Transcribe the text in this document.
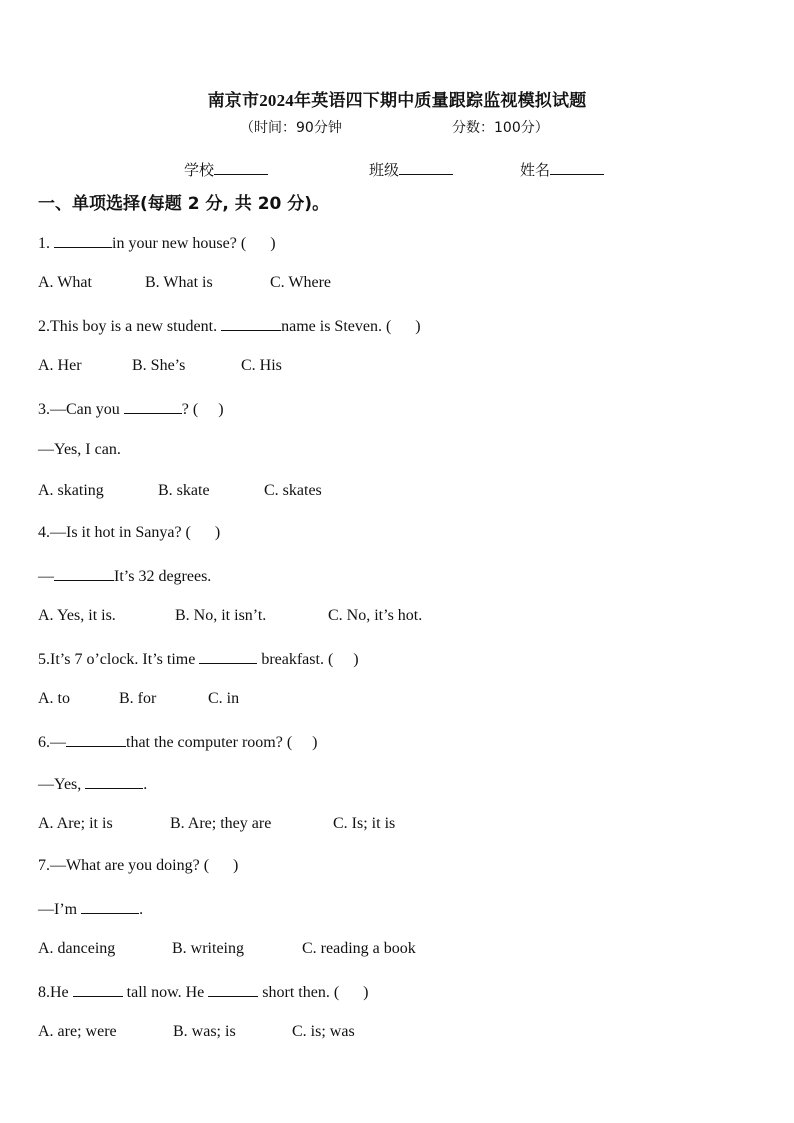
南京市2024年英语四下期中质量跟踪监视模拟试题
（时间：90分钟	分数：100分）
学校	班级	姓名
一、单项选择(每题 2 分, 共 20 分)。
1.	in your new house? (      )
A. What	B. What is	C. Where
2.This boy is a new student.	name is Steven. (      )
A. Her	B. She’s	C. His
3.—Can you	? (     )
—Yes, I can.
A. skating	B. skate	C. skates
4.—Is it hot in Sanya? (      )
—	It’s 32 degrees.
A. Yes, it is.	B. No, it isn’t.	C. No, it’s hot.
5.It’s 7 o’clock. It’s time	breakfast. (     )
A. to	B. for	C. in
6.—	that the computer room? (     )
—Yes,	.
A. Are; it is	B. Are; they are	C. Is; it is
7.—What are you doing? (      )
—I’m	.
A. danceing	B. writeing	C. reading a book
8.He	tall now. He	short then. (      )
A. are; were	B. was; is	C. is; was
